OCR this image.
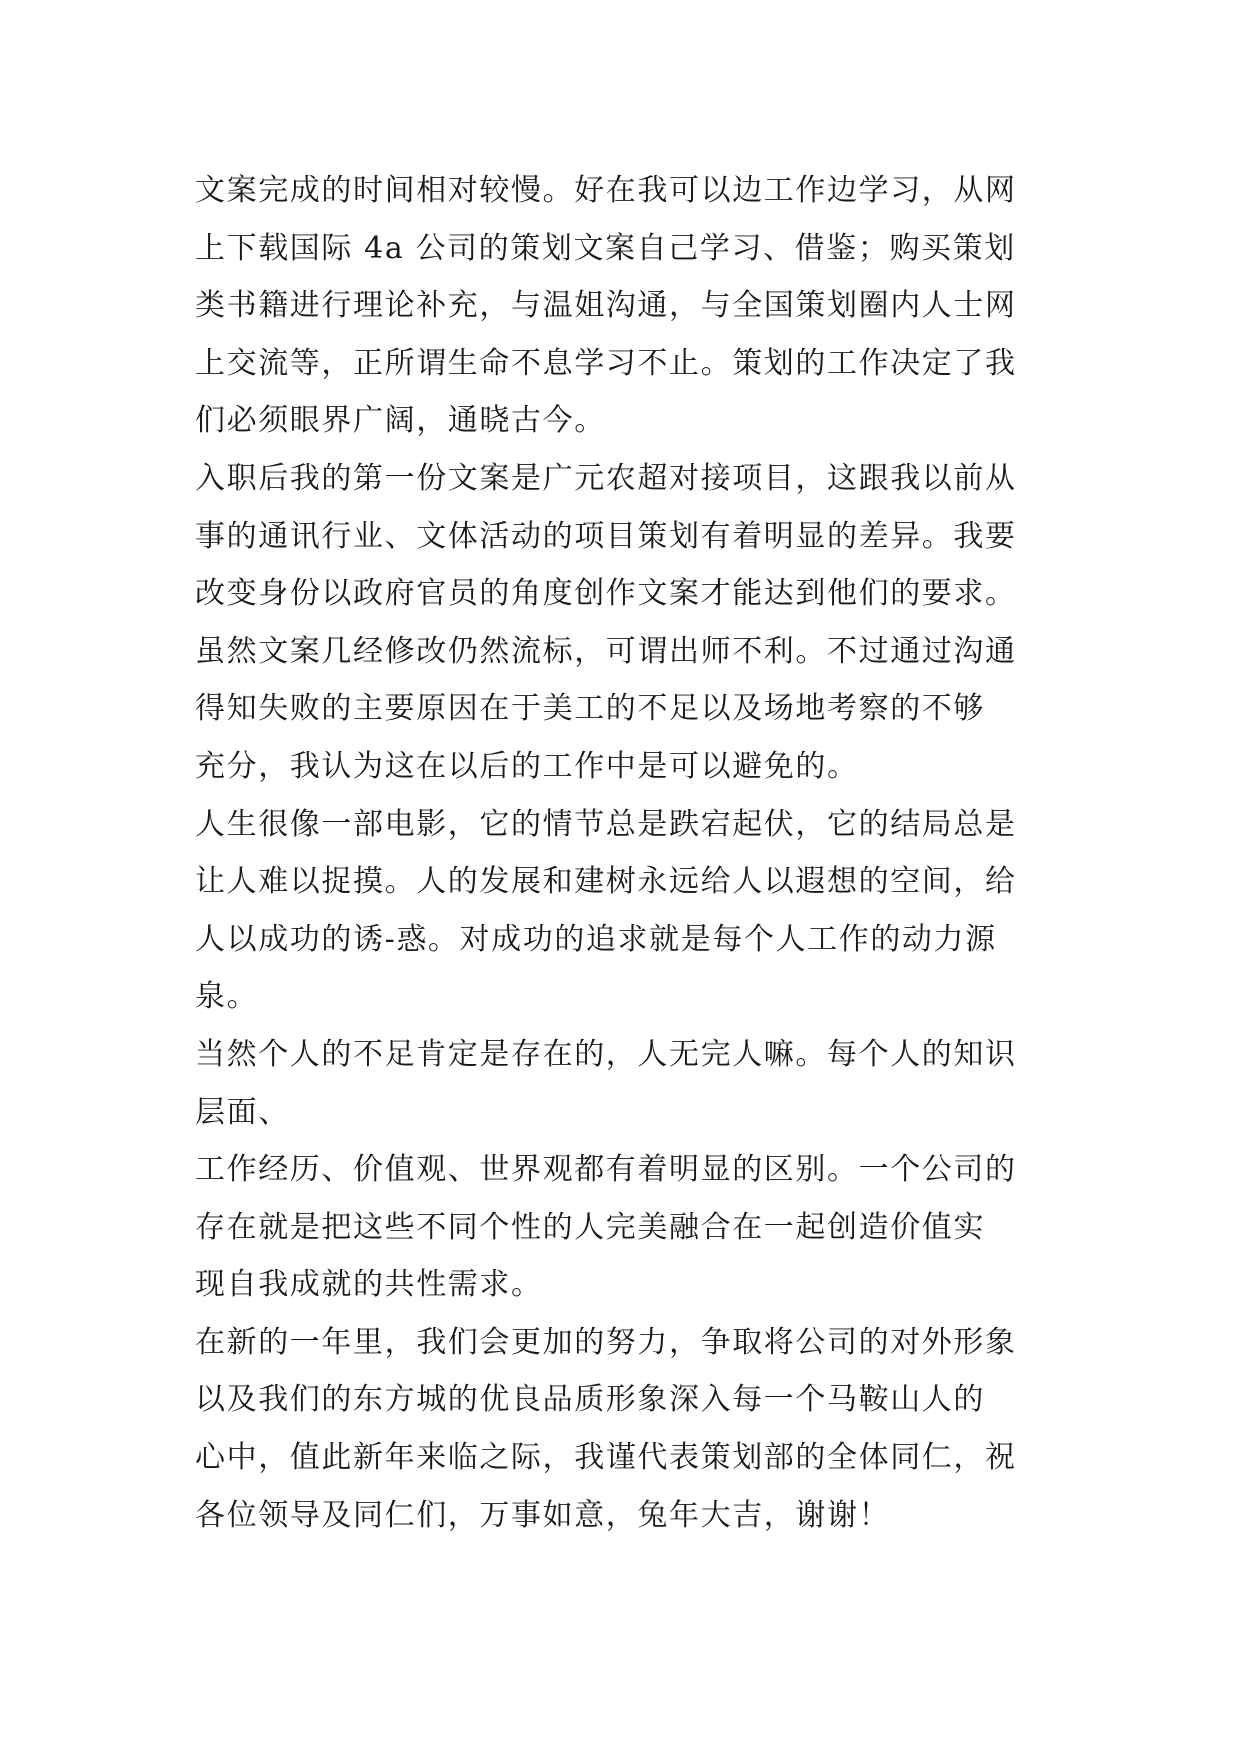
文案完成的时间相对较慢。好在我可以边工作边学习，从网
上下载国际 4a 公司的策划文案自己学习、借鉴；购买策划
类书籍进行理论补充，与温姐沟通，与全国策划圈内人士网
上交流等，正所谓生命不息学习不止。策划的工作决定了我
们必须眼界广阔，通晓古今。
入职后我的第一份文案是广元农超对接项目，这跟我以前从
事的通讯行业、文体活动的项目策划有着明显的差异。我要
改变身份以政府官员的角度创作文案才能达到他们的要求。
虽然文案几经修改仍然流标，可谓出师不利。不过通过沟通
得知失败的主要原因在于美工的不足以及场地考察的不够
充分，我认为这在以后的工作中是可以避免的。
人生很像一部电影，它的情节总是跌宕起伏，它的结局总是
让人难以捉摸。人的发展和建树永远给人以遐想的空间，给
人以成功的诱-惑。对成功的追求就是每个人工作的动力源
泉。
当然个人的不足肯定是存在的，人无完人嘛。每个人的知识
层面、
工作经历、价值观、世界观都有着明显的区别。一个公司的
存在就是把这些不同个性的人完美融合在一起创造价值实
现自我成就的共性需求。
在新的一年里，我们会更加的努力，争取将公司的对外形象
以及我们的东方城的优良品质形象深入每一个马鞍山人的
心中，值此新年来临之际，我谨代表策划部的全体同仁，祝
各位领导及同仁们，万事如意，兔年大吉，谢谢！
